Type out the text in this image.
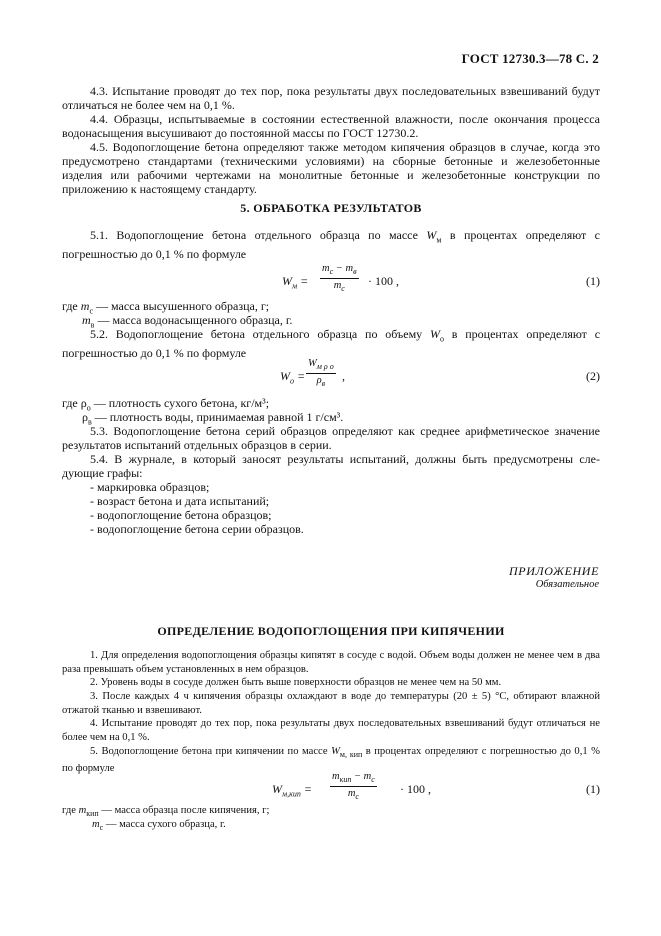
ГОСТ 12730.3—78 С. 2

4.3. Испытание проводят до тех пор, пока результаты двух последовательных взвешиваний будут отличаться не более чем на 0,1 %.

4.4. Образцы, испытываемые в состоянии естественной влажности, после окончания процесса водонасыщения высушивают до постоянной массы по ГОСТ 12730.2.

4.5. Водопоглощение бетона определяют также методом кипячения образцов в случае, когда это предусмотрено стандартами (техническими условиями) на сборные бетонные и железобетонные изделия или рабочими чертежами на монолитные бетонные и железобетонные конструкции по приложению к настоящему стандарту.

5. ОБРАБОТКА РЕЗУЛЬТАТОВ

5.1. Водопоглощение бетона отдельного образца по массе $W_м$ в процентах определяют с погрешностью до 0,1 % по формуле

$W_м$ =
$m_с - m_в$
$m_с$
· 100 ,	(1)
где $m_с$ — масса высушенного образца, г;
$m_в$ — масса водонасыщенного образца, г.

5.2. Водопоглощение бетона отдельного образца по объему $W_о$ в процентах определяют с погрешностью до 0,1 % по формуле

$W_о$ =
$W_{м \rho о}$
$\rho_в$
,	(2)
где $\rho_о$ — плотность сухого бетона, кг/м³;
$\rho_в$ — плотность воды, принимаемая равной 1 г/см³.

5.3. Водопоглощение бетона серий образцов определяют как среднее арифметическое значение результатов испытаний отдельных образцов в серии.

5.4. В журнале, в который заносят результаты испытаний, должны быть предусмотрены сле-дующие графы:

- маркировка образцов;
- возраст бетона и дата испытаний;
- водопоглощение бетона образцов;
- водопоглощение бетона серии образцов.
ПРИЛОЖЕНИЕ
Обязательное
ОПРЕДЕЛЕНИЕ ВОДОПОГЛОЩЕНИЯ ПРИ КИПЯЧЕНИИ

1. Для определения водопоглощения образцы кипятят в сосуде с водой. Объем воды должен не менее чем в два раза превышать объем установленных в нем образцов.

2. Уровень воды в сосуде должен быть выше поверхности образцов не менее чем на 50 мм.

3. После каждых 4 ч кипячения образцы охлаждают в воде до температуры (20 ± 5) °С, обтирают влажной отжатой тканью и взвешивают.

4. Испытание проводят до тех пор, пока результаты двух последовательных взвешиваний будут отличаться не более чем на 0,1 %.

5. Водопоглощение бетона при кипячении по массе $W_{м, кип}$ в процентах определяют с погрешностью до 0,1 % по формуле

$W_{м,кип}$ =
$m_{кип} - m_с$
$m_с$
· 100 ,	(1)
где $m_{кип}$ — масса образца после кипячения, г;
$m_с$ — масса сухого образца, г.
